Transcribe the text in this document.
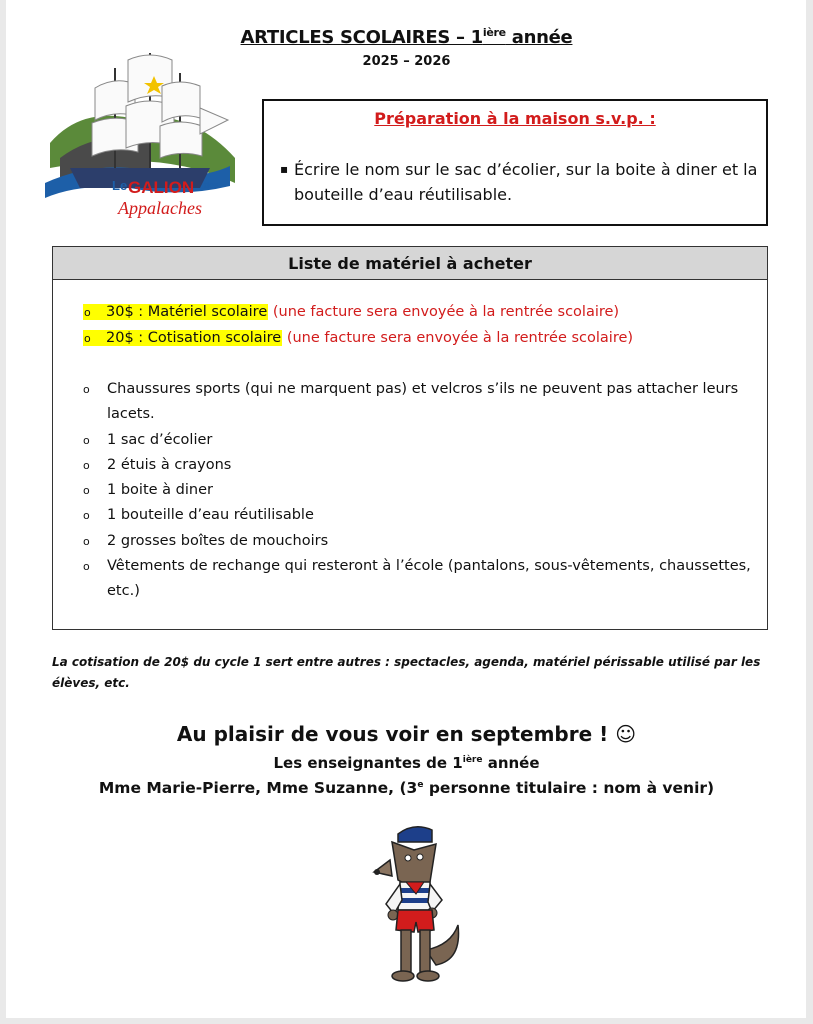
ARTICLES SCOLAIRES – $1^{ière}$ année
2025 – 2026
Le GALION des
Appalaches
Préparation à la maison s.v.p. :
▪ Écrire le nom sur le sac d’écolier, sur la boite à diner et la bouteille d’eau réutilisable.
Liste de matériel à acheter
o 30$ : Matériel scolaire (une facture sera envoyée à la rentrée scolaire)
o 20$ : Cotisation scolaire (une facture sera envoyée à la rentrée scolaire)
o Chaussures sports (qui ne marquent pas) et velcros s’ils ne peuvent pas attacher leurs lacets.
o 1 sac d’écolier
o 2 étuis à crayons
o 1 boite à diner
o 1 bouteille d’eau réutilisable
o 2 grosses boîtes de mouchoirs
o Vêtements de rechange qui resteront à l’école (pantalons, sous-vêtements, chaussettes, etc.)
La cotisation de 20$ du cycle 1 sert entre autres : spectacles, agenda, matériel périssable utilisé par les élèves, etc.
Au plaisir de vous voir en septembre ! ☺
Les enseignantes de $1^{ière}$ année
Mme Marie-Pierre, Mme Suzanne, (3e personne titulaire : nom à venir)
